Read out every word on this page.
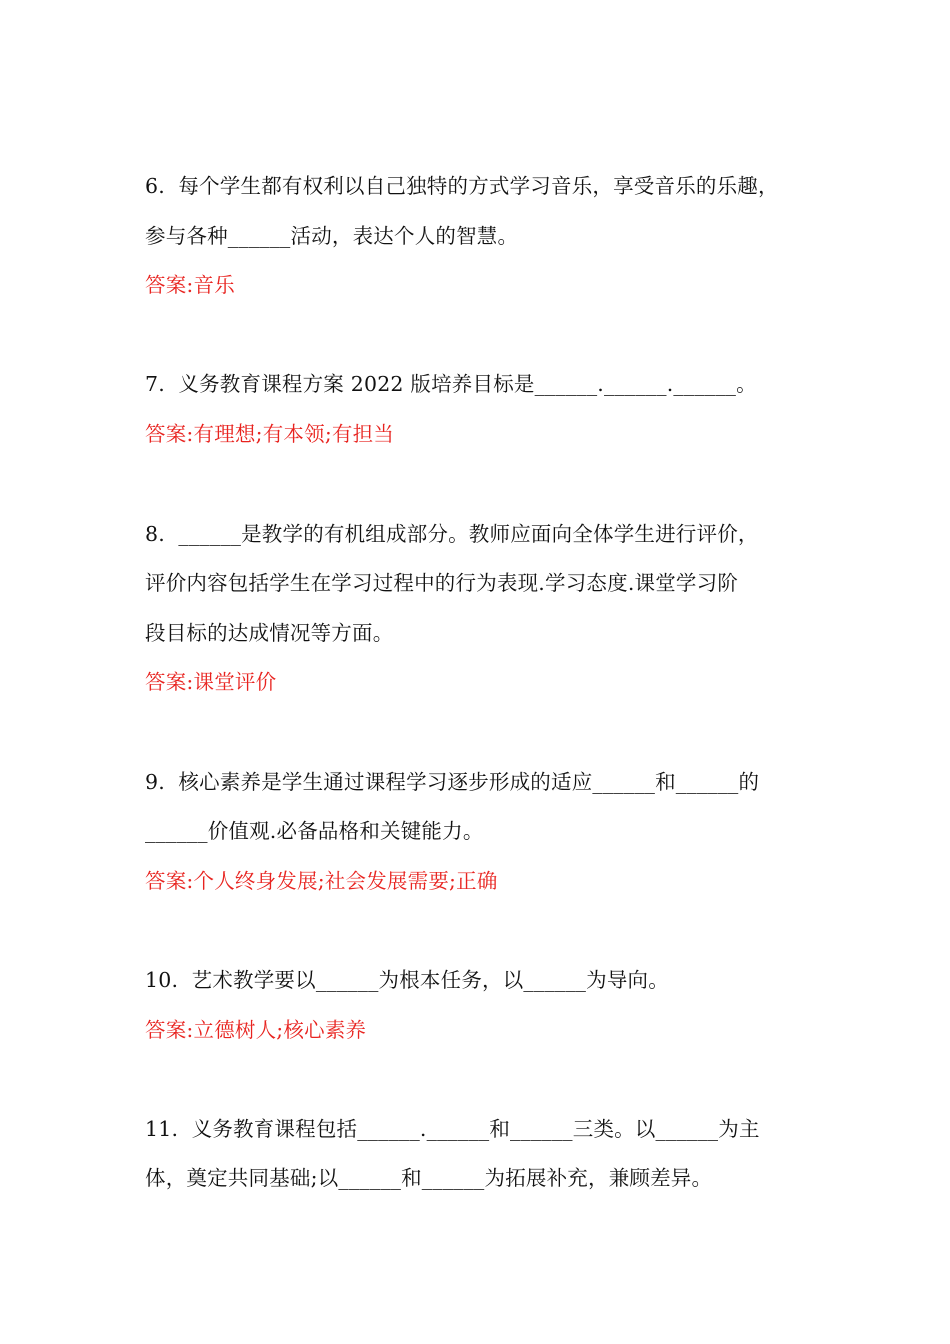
6.  每个学生都有权利以自己独特的方式学习音乐，享受音乐的乐趣，
参与各种______活动，表达个人的智慧。
答案:音乐
7.  义务教育课程方案 2022 版培养目标是______.______.______。
答案:有理想;有本领;有担当
8.  ______是教学的有机组成部分。教师应面向全体学生进行评价，
评价内容包括学生在学习过程中的行为表现.学习态度.课堂学习阶
段目标的达成情况等方面。
答案:课堂评价
9.  核心素养是学生通过课程学习逐步形成的适应______和______的
______价值观.必备品格和关键能力。
答案:个人终身发展;社会发展需要;正确
10.  艺术教学要以______为根本任务，以______为导向。
答案:立德树人;核心素养
11.  义务教育课程包括______.______和______三类。以______为主
体，奠定共同基础;以______和______为拓展补充，兼顾差异。
